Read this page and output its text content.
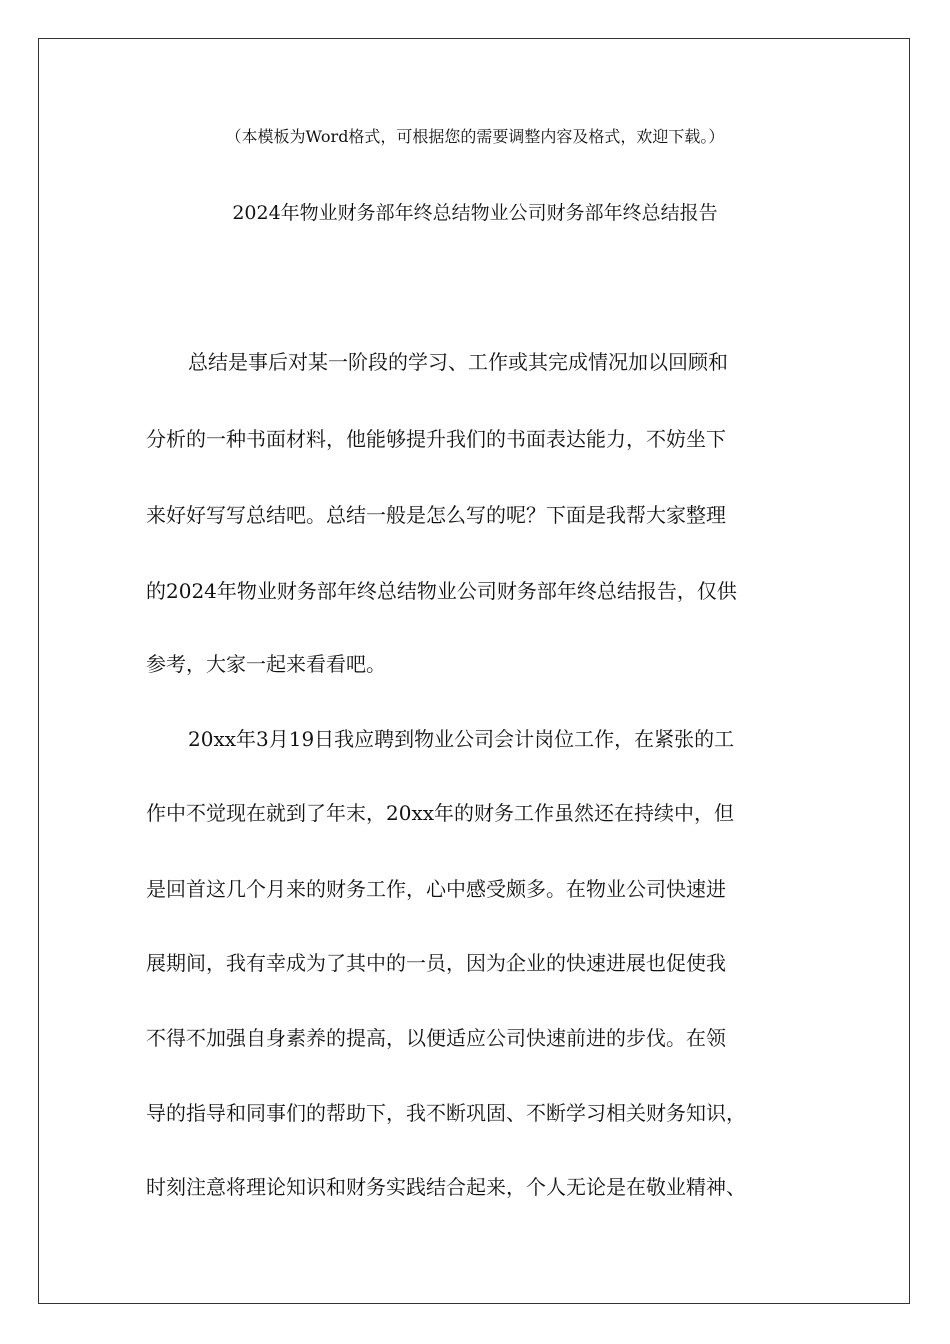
（本模板为Word格式，可根据您的需要调整内容及格式，欢迎下载。）
2024年物业财务部年终总结物业公司财务部年终总结报告
总结是事后对某一阶段的学习、工作或其完成情况加以回顾和
分析的一种书面材料，他能够提升我们的书面表达能力，不妨坐下
来好好写写总结吧。总结一般是怎么写的呢？下面是我帮大家整理
的2024年物业财务部年终总结物业公司财务部年终总结报告，仅供
参考，大家一起来看看吧。
20xx年3月19日我应聘到物业公司会计岗位工作，在紧张的工
作中不觉现在就到了年末，20xx年的财务工作虽然还在持续中，但
是回首这几个月来的财务工作，心中感受颇多。在物业公司快速进
展期间，我有幸成为了其中的一员，因为企业的快速进展也促使我
不得不加强自身素养的提高，以便适应公司快速前进的步伐。在领
导的指导和同事们的帮助下，我不断巩固、不断学习相关财务知识，
时刻注意将理论知识和财务实践结合起来，个人无论是在敬业精神、
